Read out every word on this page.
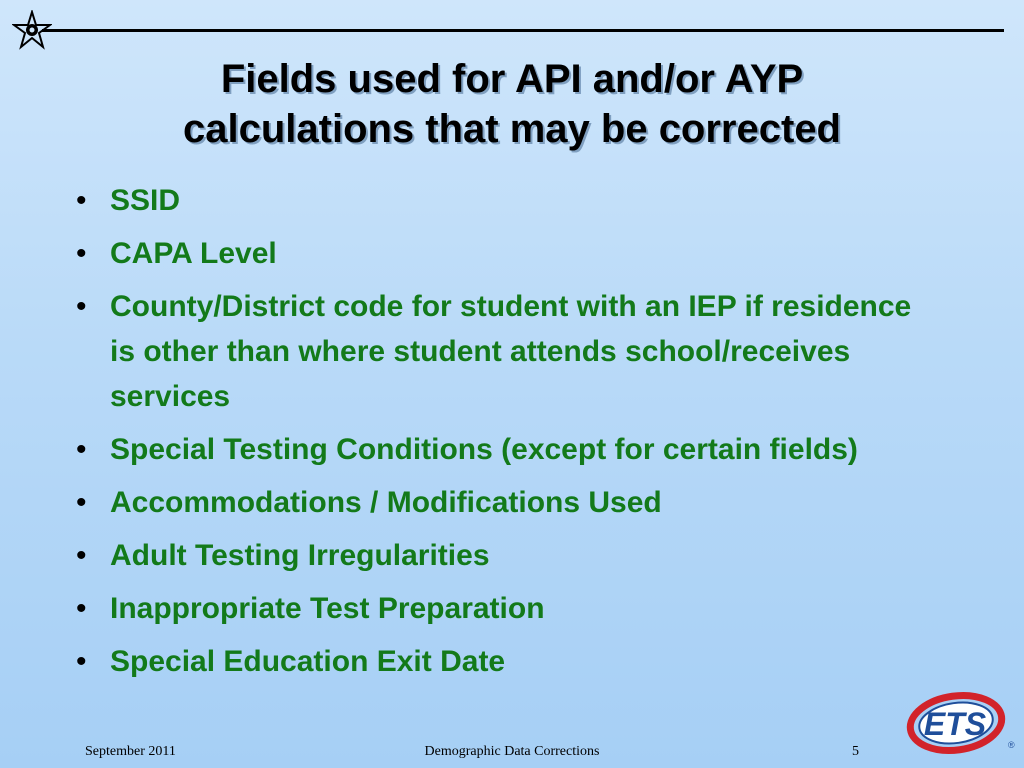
Fields used for API and/or AYP
calculations that may be corrected
• SSID
• CAPA Level
• County/District code for student with an IEP if residence is other than where student attends school/receives services
• Special Testing Conditions (except for certain fields)
• Accommodations / Modifications Used
• Adult Testing Irregularities
• Inappropriate Test Preparation
• Special Education Exit Date
September 2011	Demographic Data Corrections	5
ETS
®
